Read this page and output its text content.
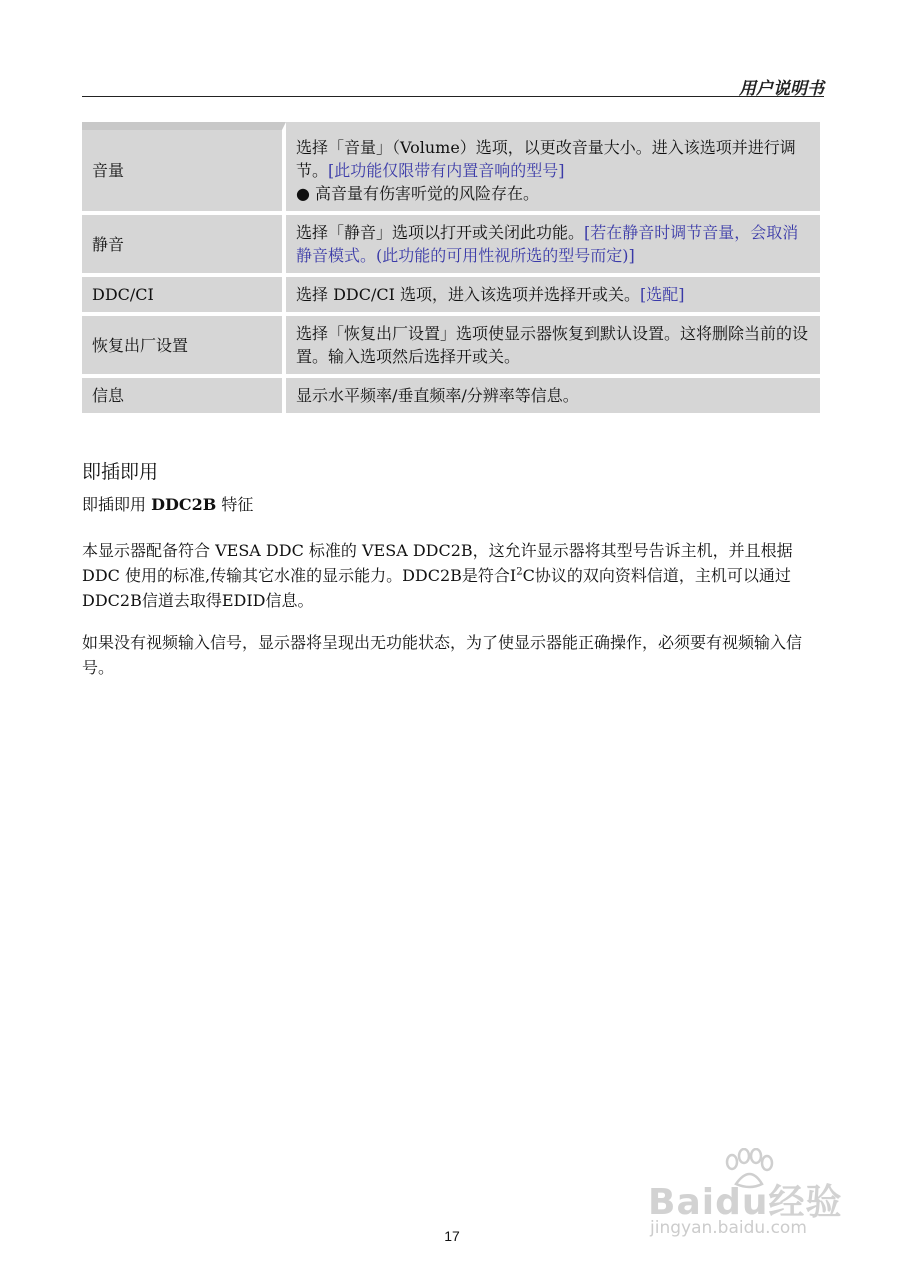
用户说明书
音量	选择「音量」（Volume）选项，以更改音量大小。进入该选项并进行调节。[此功能仅限带有内置音响的型号]
● 高音量有伤害听觉的风险存在。
静音	选择「静音」选项以打开或关闭此功能。[若在静音时调节音量，会取消静音模式。(此功能的可用性视所选的型号而定)]
DDC/CI	选择 DDC/CI 选项，进入该选项并选择开或关。[选配]
恢复出厂设置	选择「恢复出厂设置」选项使显示器恢复到默认设置。这将删除当前的设置。输入选项然后选择开或关。
信息	显示水平频率/垂直频率/分辨率等信息。
即插即用
即插即用 DDC2B 特征

本显示器配备符合 VESA DDC 标准的 VESA DDC2B，这允许显示器将其型号告诉主机，并且根据 DDC 使用的标准,传输其它水准的显示能力。DDC2B是符合$I^2C$协议的双向资料信道，主机可以通过DDC2B信道去取得EDID信息。

如果没有视频输入信号，显示器将呈现出无功能状态，为了使显示器能正确操作，必须要有视频输入信号。

Baidu经验
jingyan.baidu.com
17
